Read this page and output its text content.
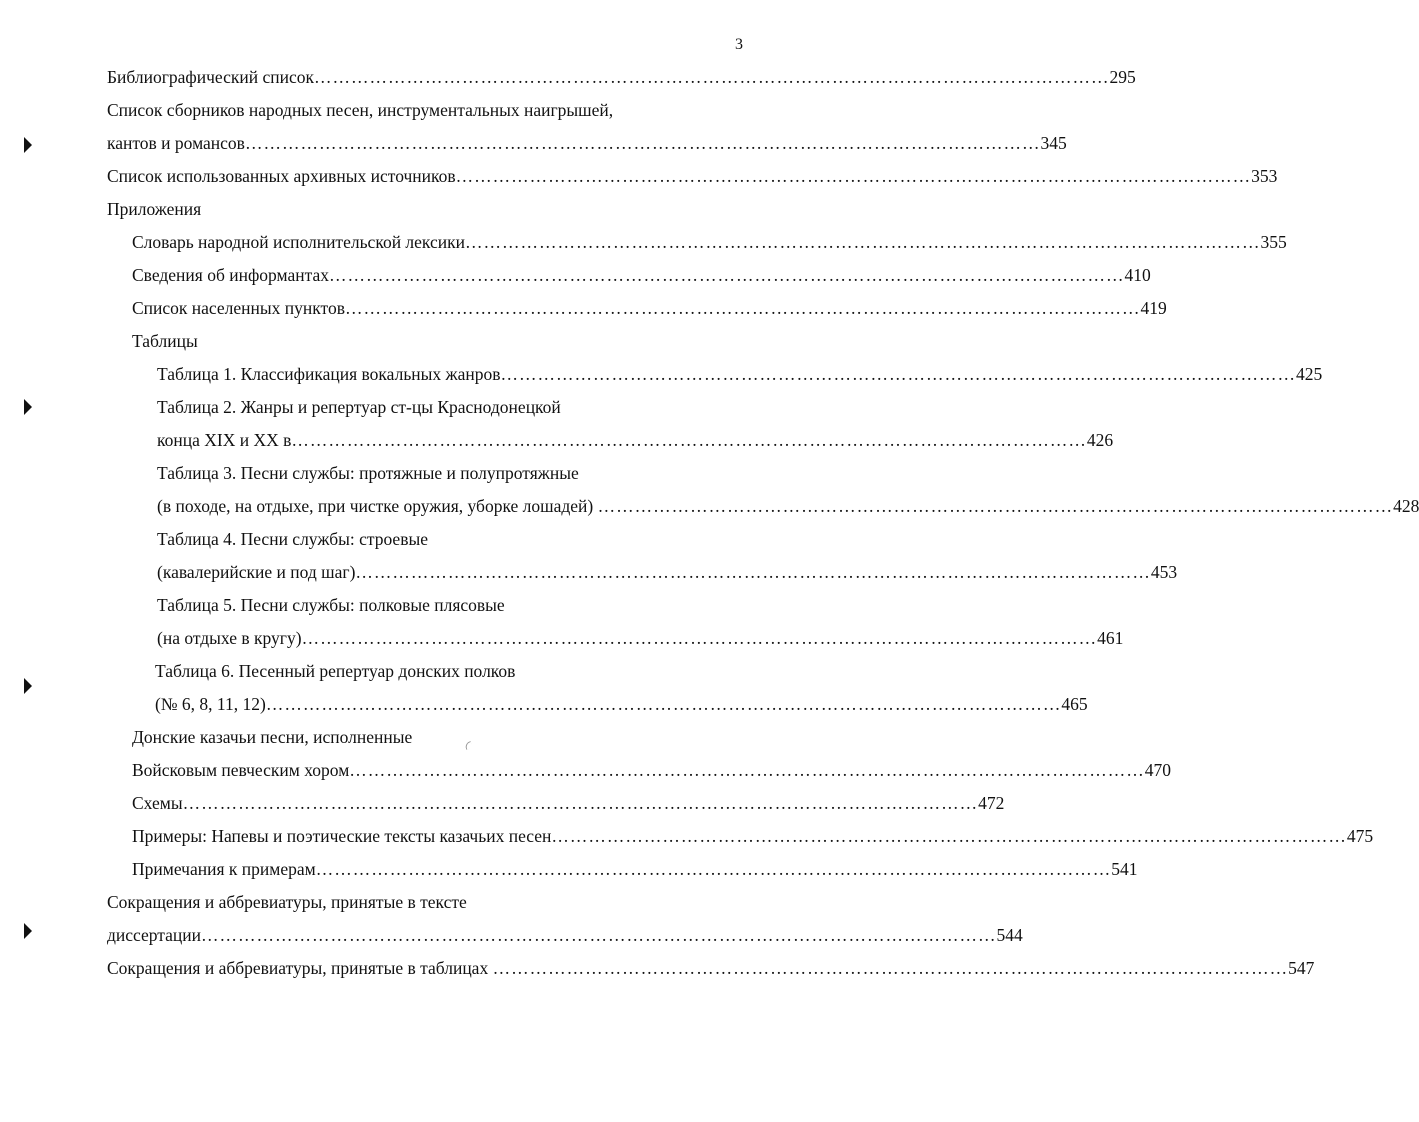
3
Библиографический список ………………………………………………………………………………………………………………… 295
Список сборников народных песен, инструментальных наигрышей,
кантов и романсов ………………………………………………………………………………………………………………… 345
Список использованных архивных источников ………………………………………………………………………………………………………………… 353
Приложения
Словарь народной исполнительской лексики ………………………………………………………………………………………………………………… 355
Сведения об информантах ………………………………………………………………………………………………………………… 410
Список населенных пунктов ………………………………………………………………………………………………………………… 419
Таблицы
Таблица 1. Классификация вокальных жанров ………………………………………………………………………………………………………………… 425
Таблица 2. Жанры и репертуар ст-цы Краснодонецкой
конца XIX и XX в ………………………………………………………………………………………………………………… 426
Таблица 3. Песни службы: протяжные и полупротяжные
(в походе, на отдыхе, при чистке оружия, уборке лошадей) ………………………………………………………………………………………………………………… 428
Таблица 4. Песни службы: строевые
(кавалерийские и под шаг) ………………………………………………………………………………………………………………… 453
Таблица 5. Песни службы: полковые плясовые
(на отдыхе в кругу) ………………………………………………………………………………………………………………… 461
Таблица 6. Песенный репертуар донских полков
(№ 6, 8, 11, 12) ………………………………………………………………………………………………………………… 465
Донские казачьи песни, исполненные
Войсковым певческим хором ………………………………………………………………………………………………………………… 470
Схемы ………………………………………………………………………………………………………………… 472
Примеры: Напевы и поэтические тексты казачьих песен ………………………………………………………………………………………………………………… 475
Примечания к примерам ………………………………………………………………………………………………………………… 541
Сокращения и аббревиатуры, принятые в тексте
диссертации ………………………………………………………………………………………………………………… 544
Сокращения и аббревиатуры, принятые в таблицах ………………………………………………………………………………………………………………… 547
